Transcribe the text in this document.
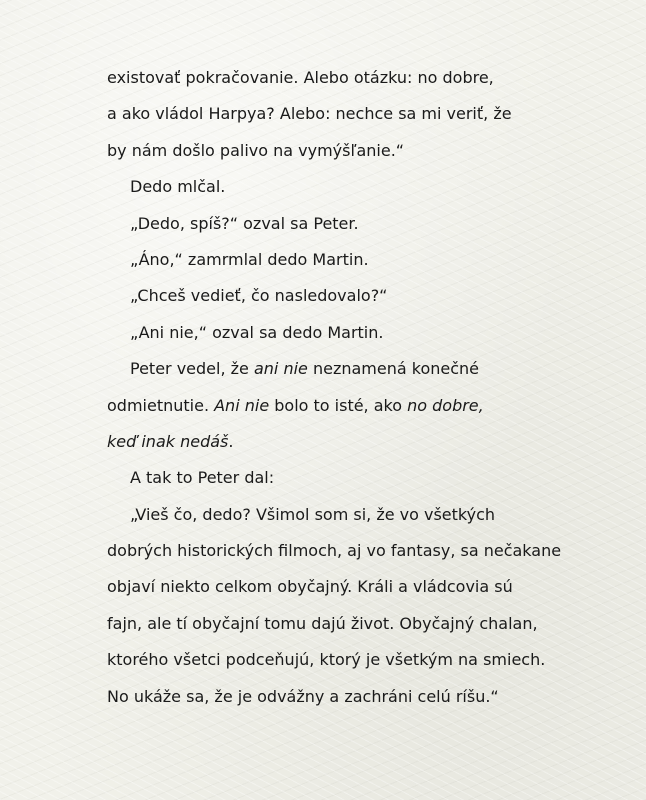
existovať pokračovanie. Alebo otázku: no dobre,
a ako vládol Harpya? Alebo: nechce sa mi veriť, že
by nám došlo palivo na vymýšľanie.“
Dedo mlčal.
„Dedo, spíš?“ ozval sa Peter.
„Áno,“ zamrmlal dedo Martin.
„Chceš vedieť, čo nasledovalo?“
„Ani nie,“ ozval sa dedo Martin.
Peter vedel, že ani nie neznamená konečné
odmietnutie. Ani nie bolo to isté, ako no dobre,
keď inak nedáš.
A tak to Peter dal:
„Vieš čo, dedo? Všimol som si, že vo všetkých
dobrých historických filmoch, aj vo fantasy, sa nečakane
objaví niekto celkom obyčajný. Králi a vládcovia sú
fajn, ale tí obyčajní tomu dajú život. Obyčajný chalan,
ktorého všetci podceňujú, ktorý je všetkým na smiech.
No ukáže sa, že je odvážny a zachráni celú ríšu.“
